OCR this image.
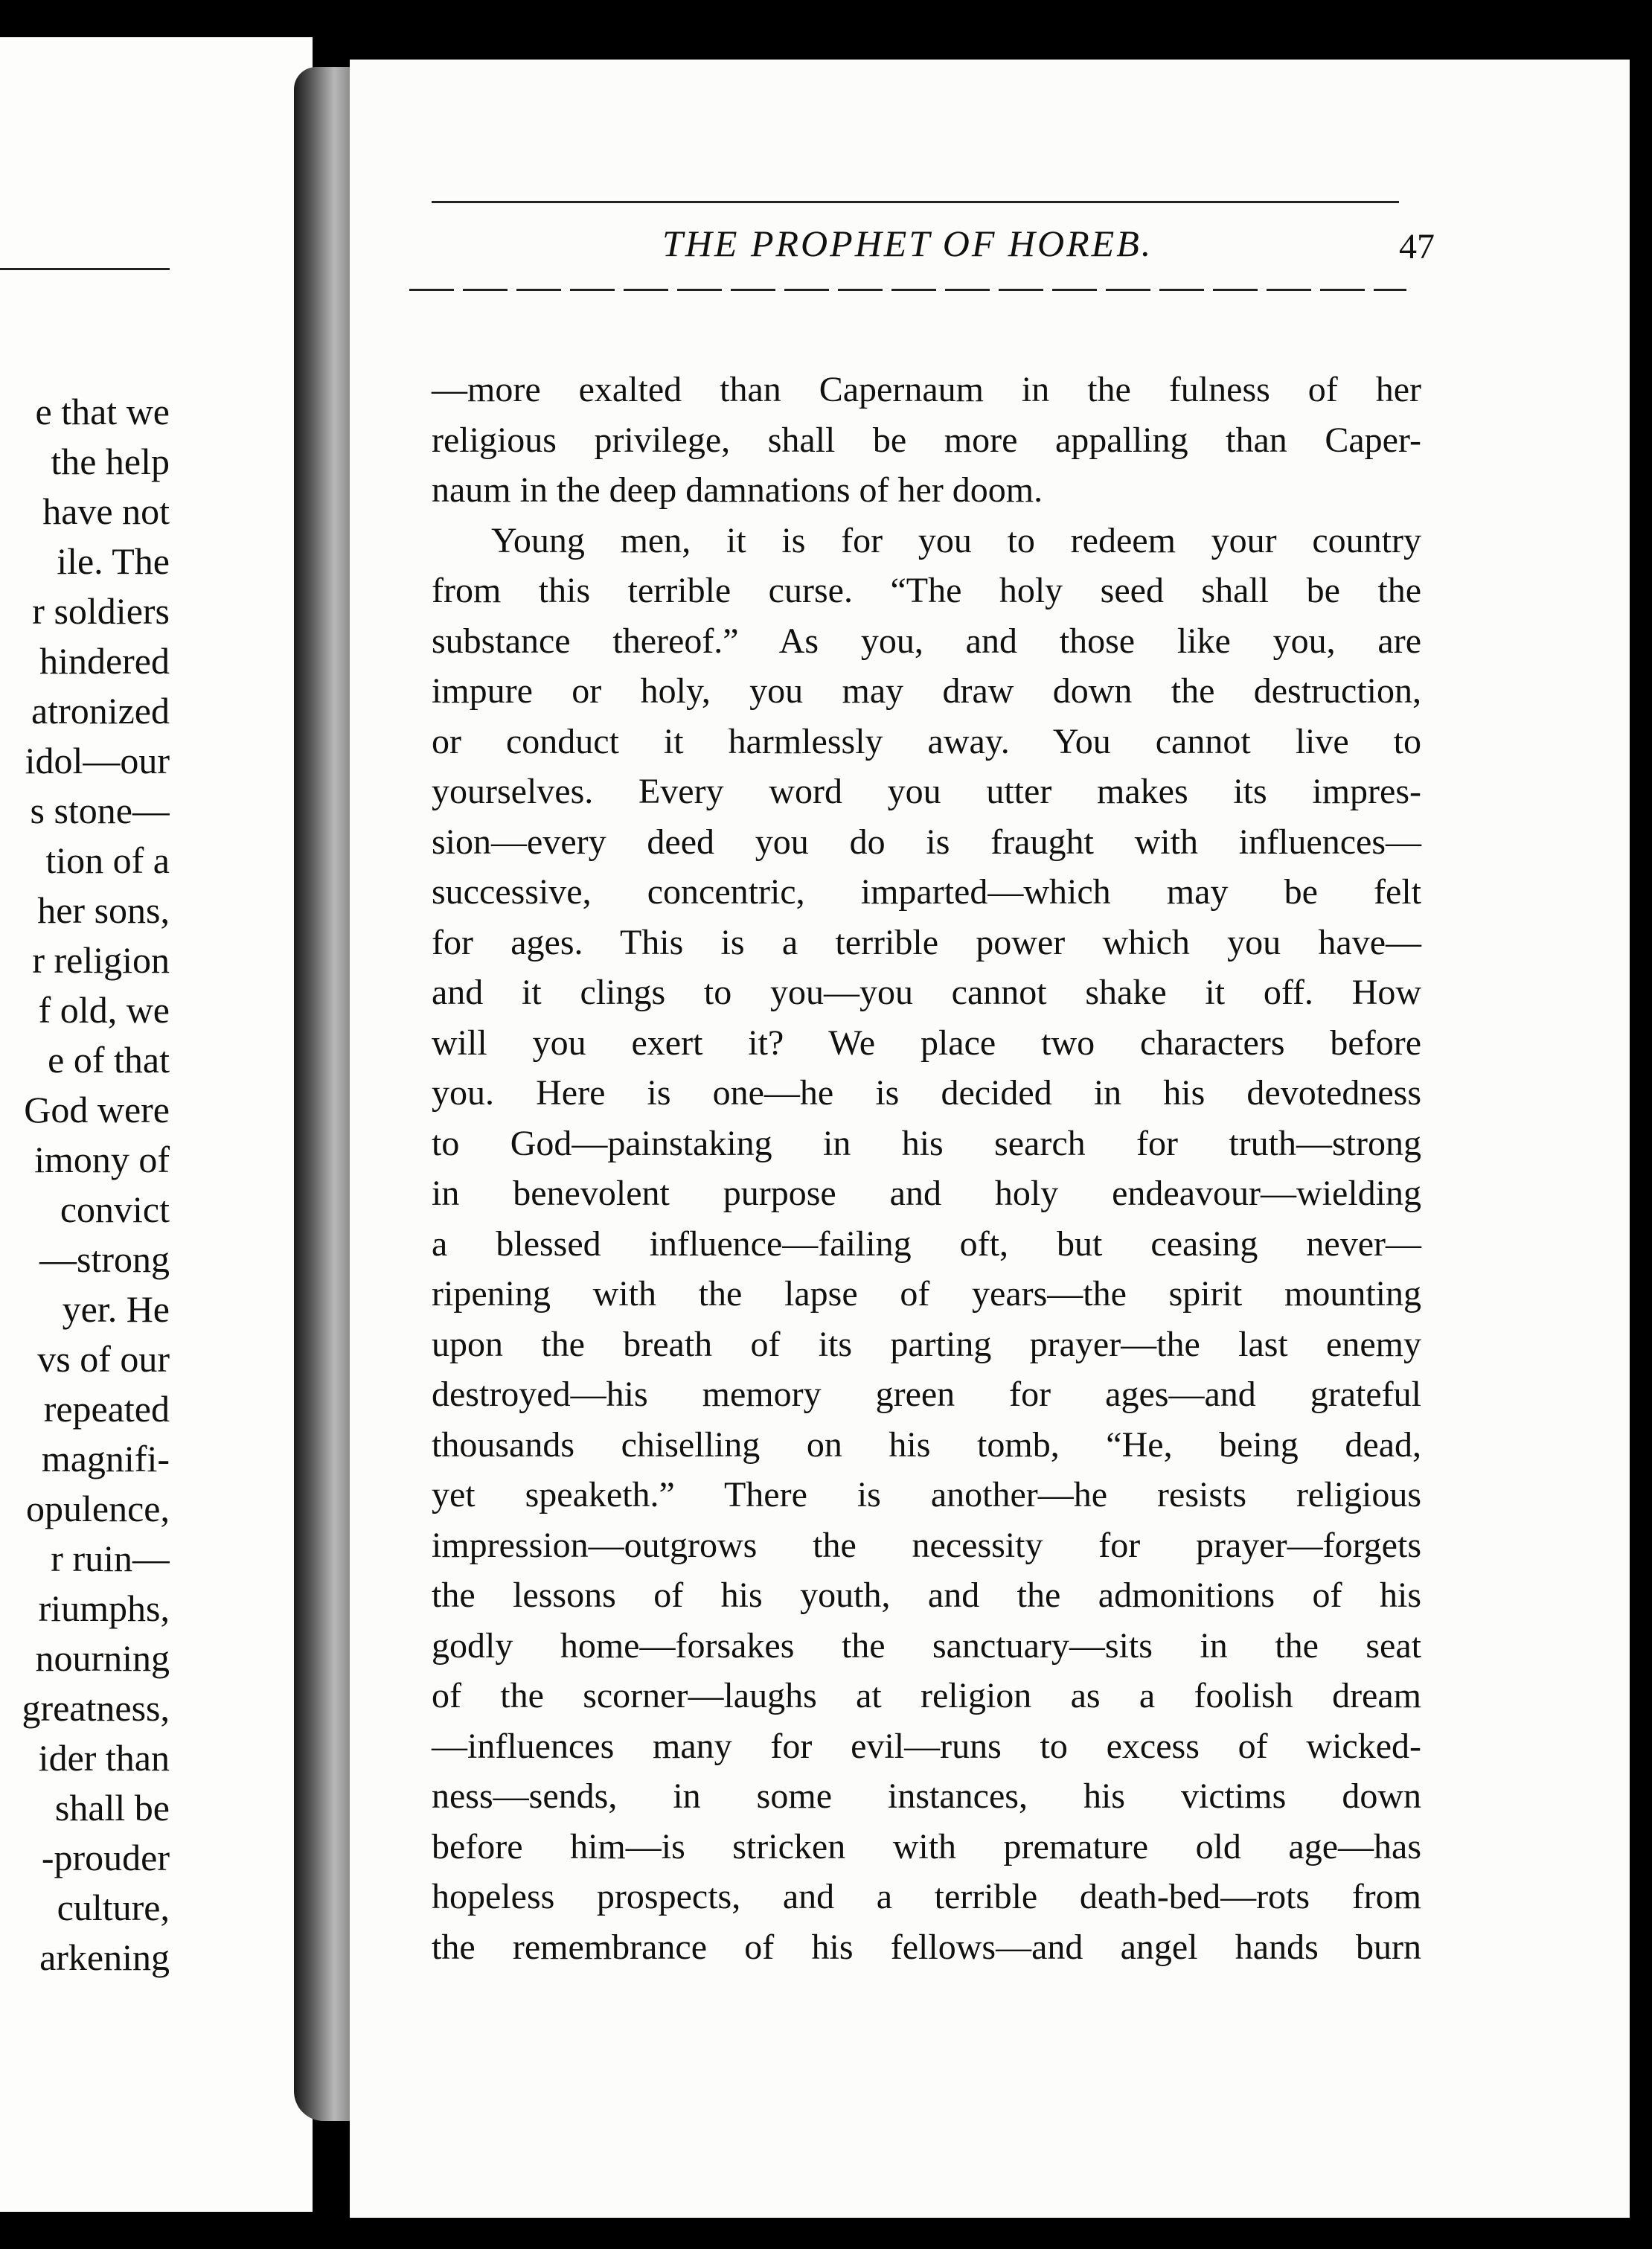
e that we
the help
have not
ile. The
r soldiers
hindered
atronized
idol—our
s stone—
tion of a
her sons,
r religion
f old, we
e of that
God were
imony of
convict
—strong
yer. He
vs of our
repeated
magnifi-
opulence,
r ruin—
riumphs,
nourning
greatness,
ider than
shall be
-prouder
culture,
arkening
THE PROPHET OF HOREB.	47
—more exalted than Capernaum in the fulness of her
religious privilege, shall be more appalling than Caper-
naum in the deep damnations of her doom.
Young men, it is for you to redeem your country
from this terrible curse. “The holy seed shall be the
substance thereof.” As you, and those like you, are
impure or holy, you may draw down the destruction,
or conduct it harmlessly away. You cannot live to
yourselves. Every word you utter makes its impres-
sion—every deed you do is fraught with influences—
successive, concentric, imparted—which may be felt
for ages. This is a terrible power which you have—
and it clings to you—you cannot shake it off. How
will you exert it? We place two characters before
you. Here is one—he is decided in his devotedness
to God—painstaking in his search for truth—strong
in benevolent purpose and holy endeavour—wielding
a blessed influence—failing oft, but ceasing never—
ripening with the lapse of years—the spirit mounting
upon the breath of its parting prayer—the last enemy
destroyed—his memory green for ages—and grateful
thousands chiselling on his tomb, “He, being dead,
yet speaketh.” There is another—he resists religious
impression—outgrows the necessity for prayer—forgets
the lessons of his youth, and the admonitions of his
godly home—forsakes the sanctuary—sits in the seat
of the scorner—laughs at religion as a foolish dream
—influences many for evil—runs to excess of wicked-
ness—sends, in some instances, his victims down
before him—is stricken with premature old age—has
hopeless prospects, and a terrible death-bed—rots from
the remembrance of his fellows—and angel hands burn
